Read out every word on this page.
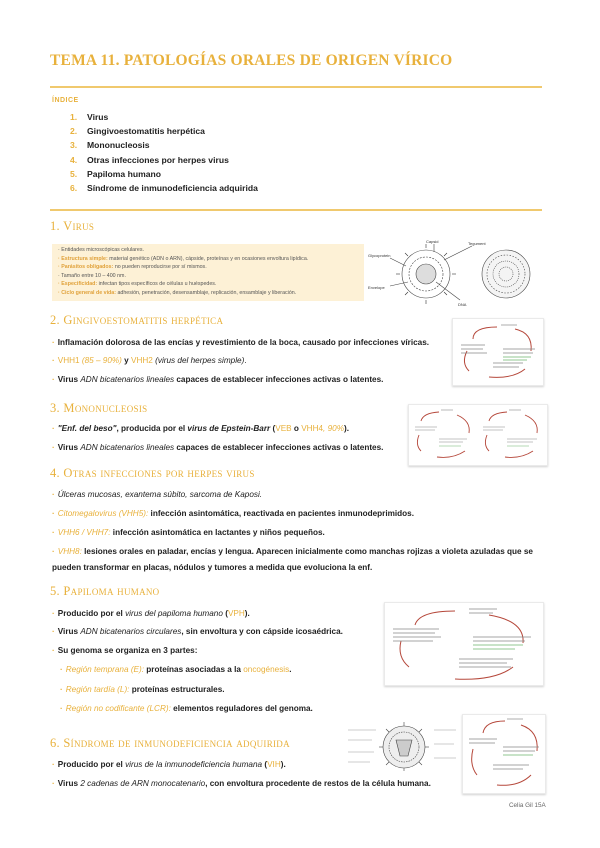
TEMA 11. PATOLOGÍAS ORALES DE ORIGEN VÍRICO
ÍNDICE
1. Virus
2. Gingivoestomatitis herpética
3. Mononucleosis
4. Otras infecciones por herpes virus
5. Papiloma humano
6. Síndrome de inmunodeficiencia adquirida
1. Virus
· Entidades microscópicas celulares.
· Estructura simple: material genético (ADN o ARN), cápside, proteínas y en ocasiones envoltura lipídica.
· Parásitos obligados: no pueden reproducirse por sí mismos.
· Tamaño entre 10 – 400 nm.
· Especificidad: infectan tipos específicos de células u huéspedes.
· Ciclo general de vida: adhesión, penetración, desensamblaje, replicación, ensamblaje y liberación.
Glycoprotein
Envelope
Capsid	Tegument
DNA
2. Gingivoestomatitis herpética
· Inflamación dolorosa de las encías y revestimiento de la boca, causado por infecciones víricas.
· VHH1 (85 – 90%) y VHH2 (virus del herpes simple).
· Virus ADN bicatenarios lineales capaces de establecer infecciones activas o latentes.
3. Mononucleosis
· "Enf. del beso", producida por el virus de Epstein-Barr (VEB o VHH4, 90%).
· Virus ADN bicatenarios lineales capaces de establecer infecciones activas o latentes.
4. Otras infecciones por herpes virus
· Úlceras mucosas, exantema súbito, sarcoma de Kaposi.
· Citomegalovirus (VHH5): infección asintomática, reactivada en pacientes inmunodeprimidos.
· VHH6 / VHH7: infección asintomática en lactantes y niños pequeños.
· VHH8: lesiones orales en paladar, encías y lengua. Aparecen inicialmente como manchas rojizas a violeta azuladas que se
pueden transformar en placas, nódulos y tumores a medida que evoluciona la enf.
5. Papiloma humano
· Producido por el virus del papiloma humano (VPH).
· Virus ADN bicatenarios circulares, sin envoltura y con cápside icosaédrica.
· Su genoma se organiza en 3 partes:
· Región temprana (E): proteínas asociadas a la oncogénesis.
· Región tardía (L): proteínas estructurales.
· Región no codificante (LCR): elementos reguladores del genoma.
6. Síndrome de inmunodeficiencia adquirida
· Producido por el virus de la inmunodeficiencia humana (VIH).
· Virus 2 cadenas de ARN monocatenario, con envoltura procedente de restos de la célula humana.
Celia Gil 15A
